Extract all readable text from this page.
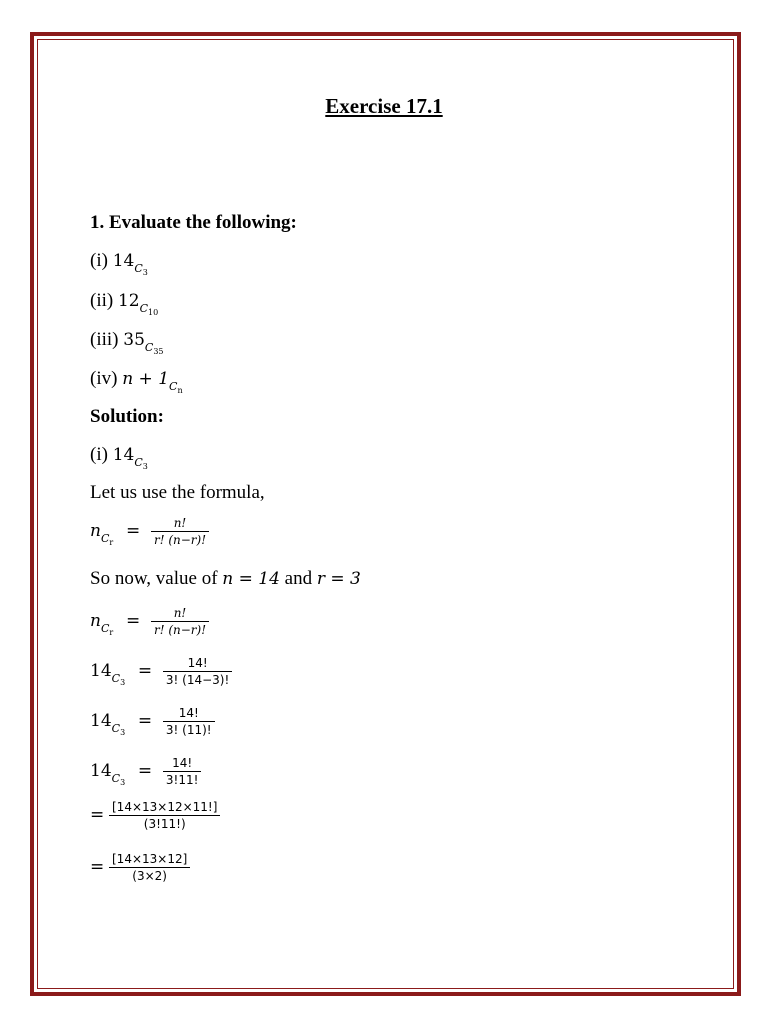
Exercise 17.1
1. Evaluate the following:
(i) $14_{C_3}$
(ii) $12_{C_{10}}$
(iii) $35_{C_{35}}$
(iv) $n + 1_{C_n}$
Solution:
(i) $14_{C_3}$
Let us use the formula,
$n_{C_r} = \frac{n!}{r! (n-r)!}$
So now, value of n = 14 and r = 3
$n_{C_r} = \frac{n!}{r! (n-r)!}$
$14_{C_3} = \frac{14!}{3! (14-3)!}$
$14_{C_3} = \frac{14!}{3! (11)!}$
$14_{C_3} = \frac{14!}{3!11!}$
= $\frac{[14\times 13\times 12\times 11!]}{(3!11!)}$
= $\frac{[14\times 13\times 12]}{(3\times 2)}$
